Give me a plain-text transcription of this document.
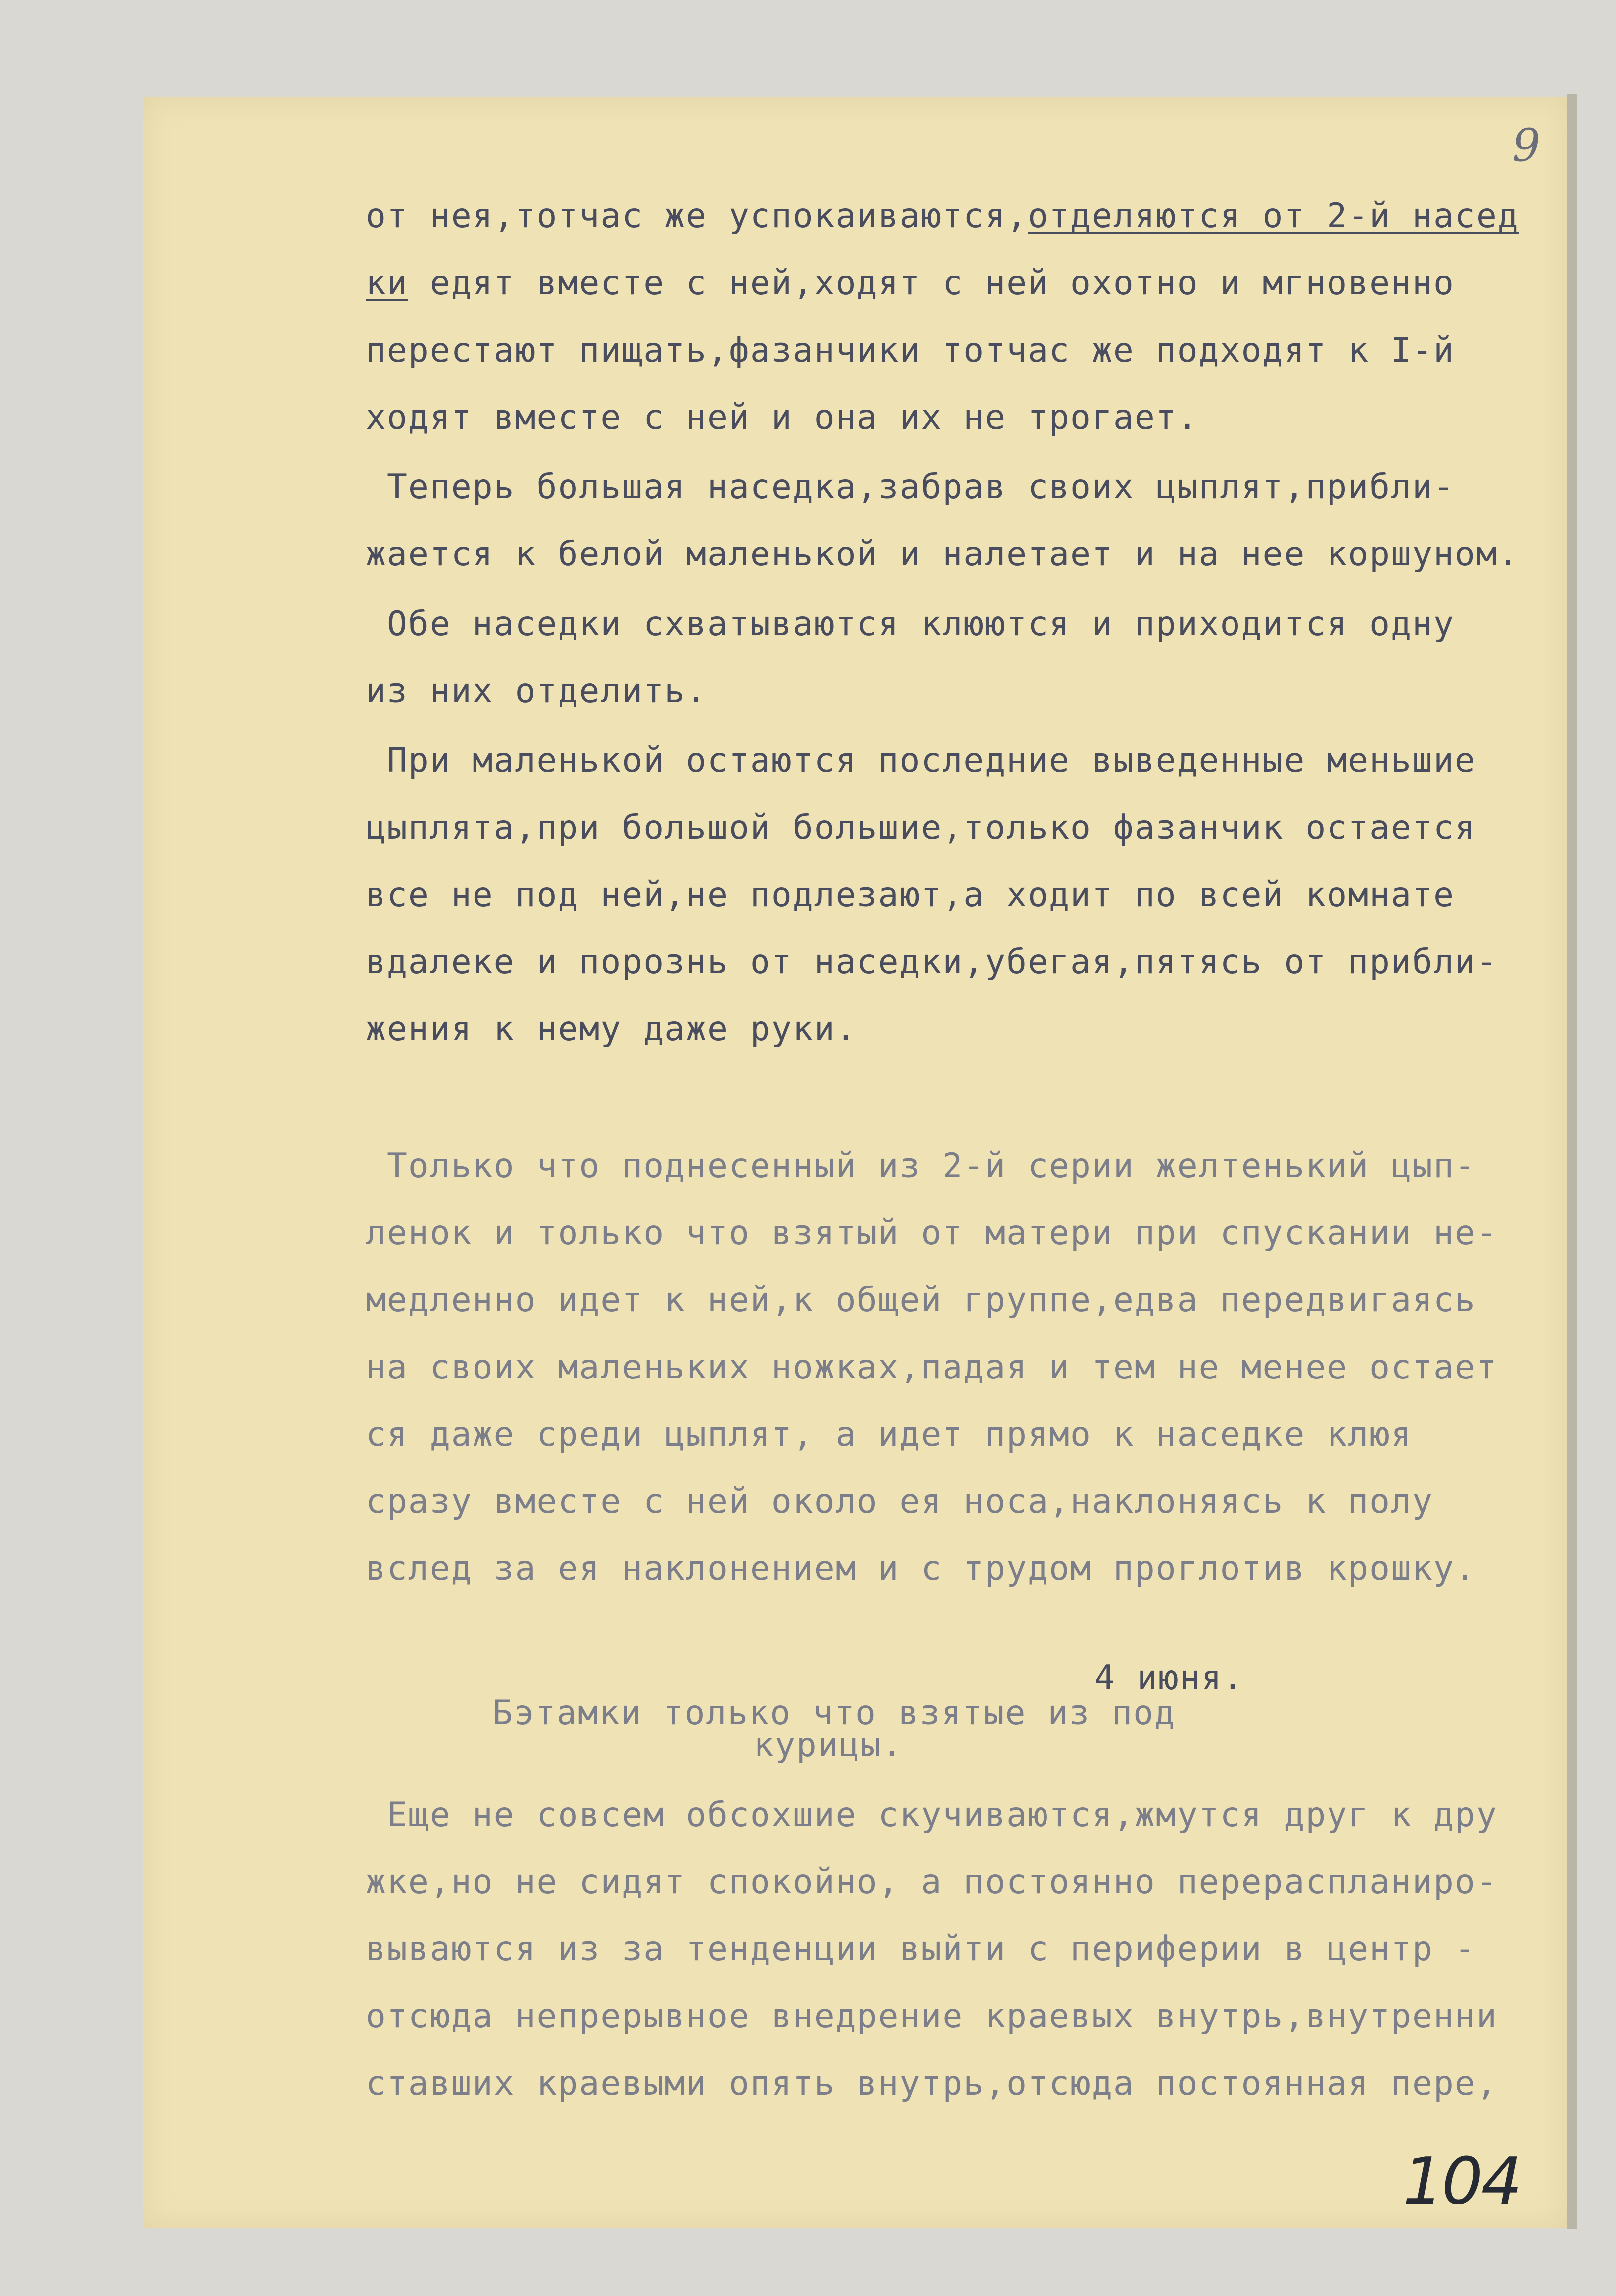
9
от нея,тотчас же успокаиваются,отделяются от 2-й насед
ки едят вместе с ней,ходят с ней охотно и мгновенно
перестают пищать,фазанчики тотчас же подходят к I-й
ходят вместе с ней и она их не трогает.
Теперь большая наседка,забрав своих цыплят,прибли-
жается к белой маленькой и налетает и на нее коршуном.
Обе наседки схватываются клюются и приходится одну
из них отделить.
При маленькой остаются последние выведенные меньшие
цыплята,при большой большие,только фазанчик остается
все не под ней,не подлезают,а ходит по всей комнате
вдалеке и порознь от наседки,убегая,пятясь от прибли-
жения к нему даже руки.
Только что поднесенный из 2-й серии желтенький цып-
ленок и только что взятый от матери при спускании не-
медленно идет к ней,к общей группе,едва передвигаясь
на своих маленьких ножках,падая и тем не менее остает
ся даже среди цыплят, а идет прямо к наседке клюя
сразу вместе с ней около ея носа,наклоняясь к полу
вслед за ея наклонением и с трудом проглотив крошку.
4 июня.
Бэтамки только что взятые из под
курицы.
Еще не совсем обсохшие скучиваются,жмутся друг к дру
жке,но не сидят спокойно, а постоянно перераспланиро-
вываются из за тенденции выйти с периферии в центр -
отсюда непрерывное внедрение краевых внутрь,внутренни
ставших краевыми опять внутрь,отсюда постоянная пере,
104
